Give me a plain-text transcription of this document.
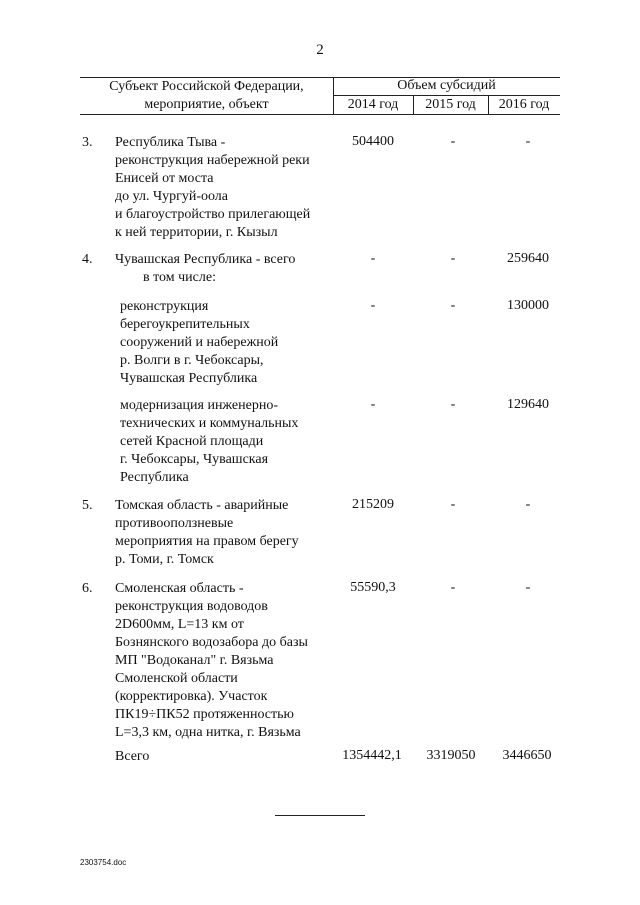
2
Субъект Российской Федерации,
мероприятие, объект
Объем субсидий
2014 год	2015 год	2016 год
3. Республика Тыва -
реконструкция набережной реки
Енисей от моста
до ул. Чургуй-оола
и благоустройство прилегающей
к ней территории, г. Кызыл
504400	-	-
4. Чувашская Республика - всего
в том числе:
-	-	259640
реконструкция
берегоукрепительных
сооружений и набережной
р. Волги в г. Чебоксары,
Чувашская Республика
-	-	130000
модернизация инженерно-
технических и коммунальных
сетей Красной площади
г. Чебоксары, Чувашская
Республика
-	-	129640
5. Томская область - аварийные
противооползневые
мероприятия на правом берегу
р. Томи, г. Томск
215209	-	-
6. Смоленская область -
реконструкция водоводов
2D600мм, L=13 км от
Бознянского водозабора до базы
МП "Водоканал" г. Вязьма
Смоленской области
(корректировка). Участок
ПК19÷ПК52 протяженностью
L=3,3 км, одна нитка, г. Вязьма
55590,3	-	-
Всего	1354442,1	3319050	3446650
2303754.doc
